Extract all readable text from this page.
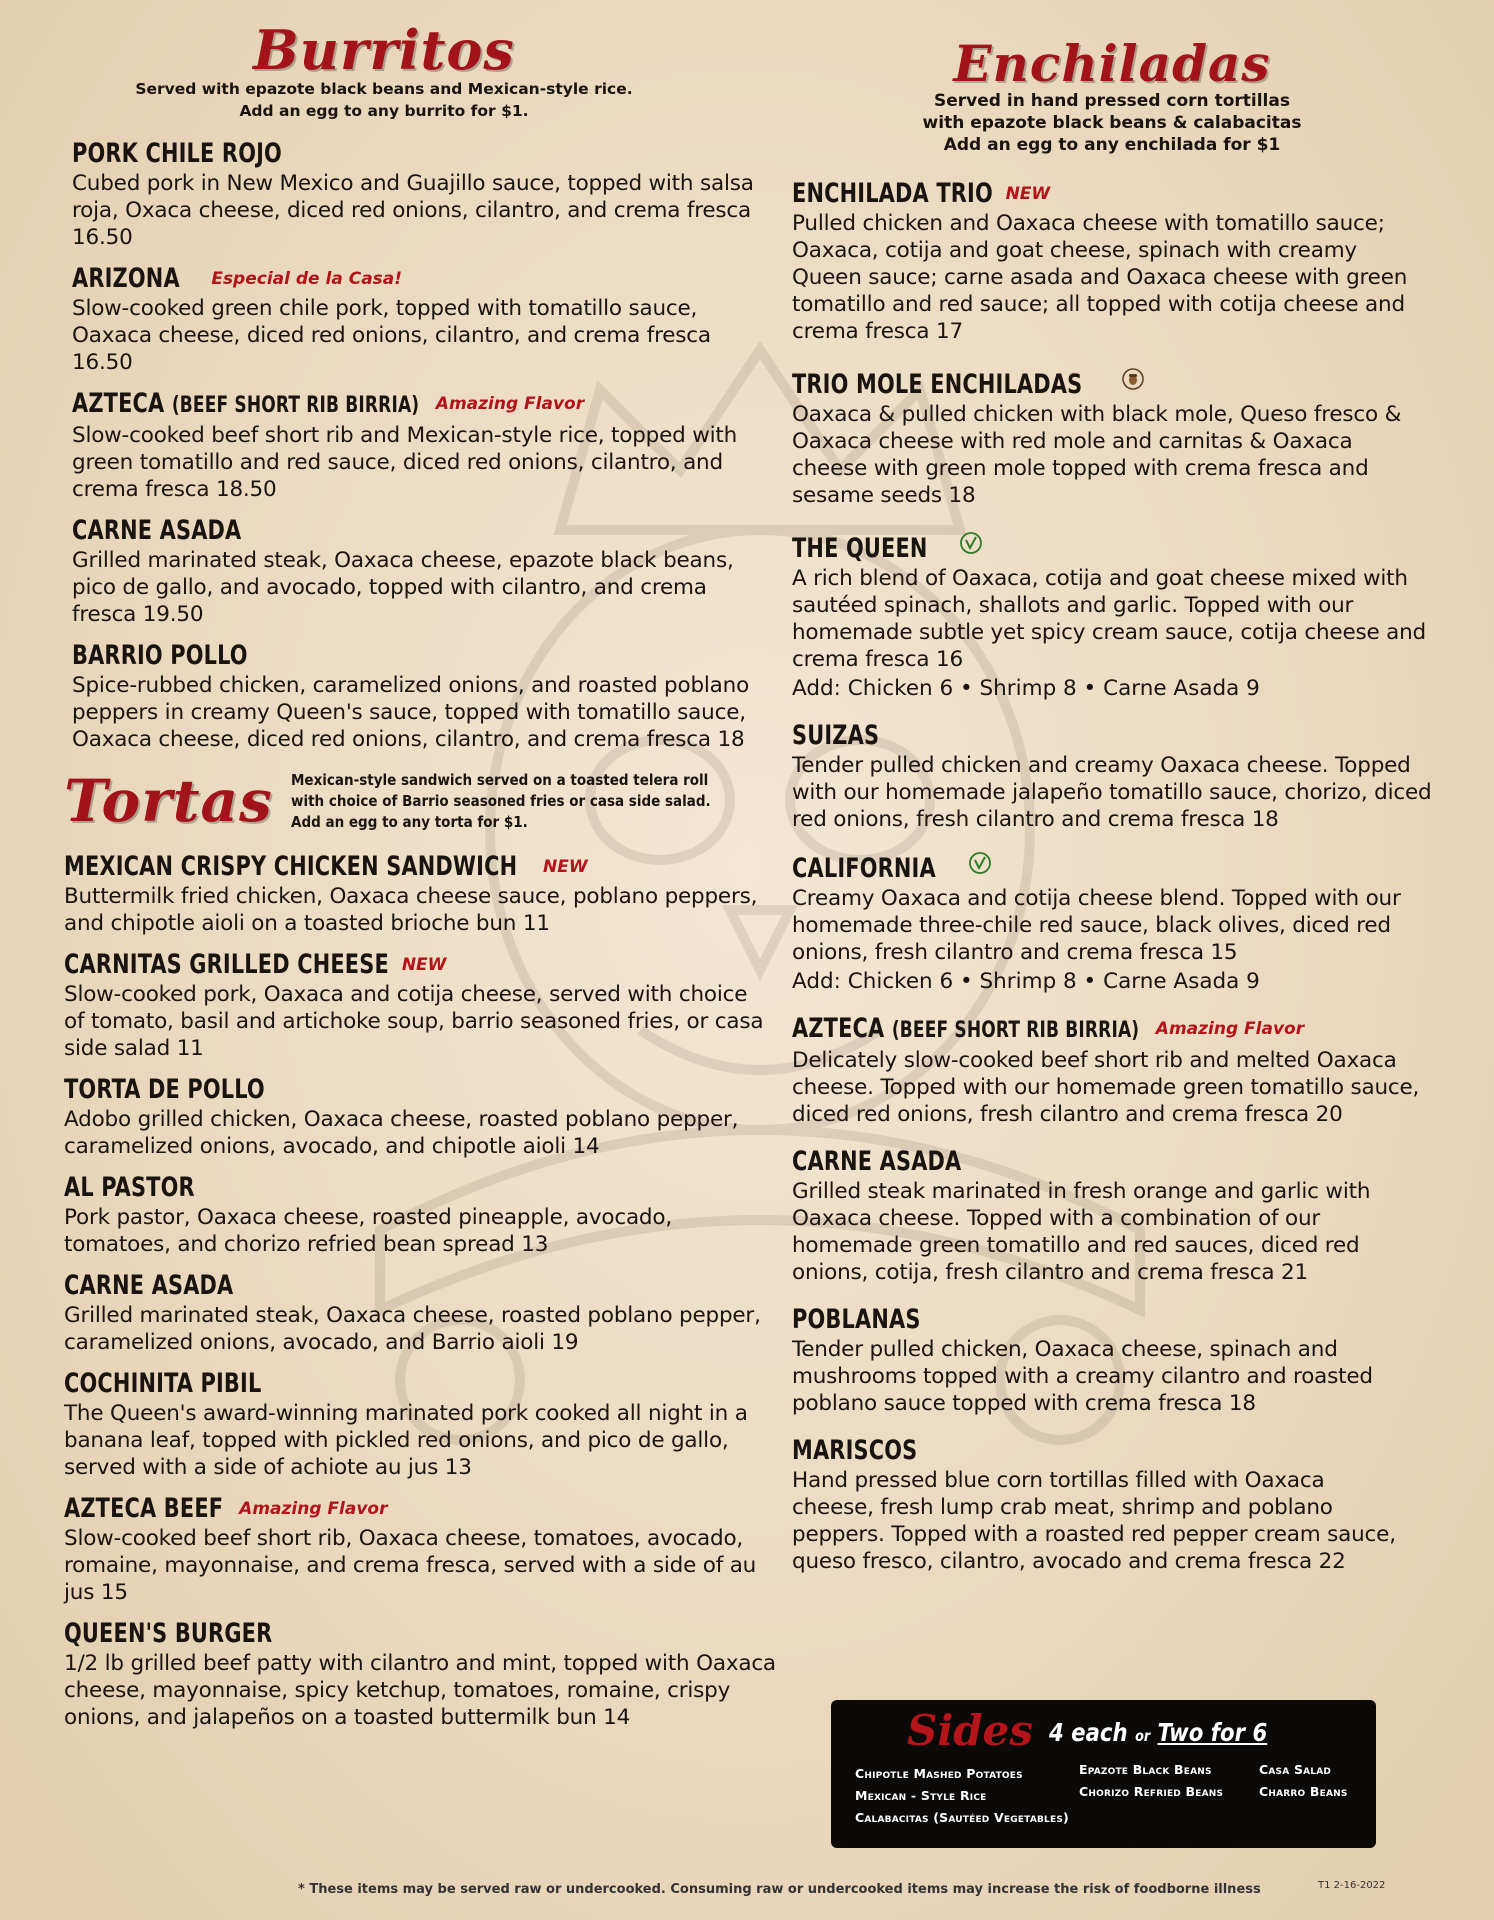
Burritos

Served with epazote black beans and Mexican-style rice.

Add an egg to any burrito for $1.

PORK CHILE ROJO

Cubed pork in New Mexico and Guajillo sauce, topped with salsa roja, Oxaca cheese, diced red onions, cilantro, and crema fresca 16.50

ARIZONA Especial de la Casa!

Slow-cooked green chile pork, topped with tomatillo sauce, Oaxaca cheese, diced red onions, cilantro, and crema fresca 16.50

AZTECA (BEEF SHORT RIB BIRRIA) Amazing Flavor

Slow-cooked beef short rib and Mexican-style rice, topped with green tomatillo and red sauce, diced red onions, cilantro, and crema fresca 18.50

CARNE ASADA

Grilled marinated steak, Oaxaca cheese, epazote black beans, pico de gallo, and avocado, topped with cilantro, and crema fresca 19.50

BARRIO POLLO

Spice-rubbed chicken, caramelized onions, and roasted poblano peppers in creamy Queen's sauce, topped with tomatillo sauce, Oaxaca cheese, diced red onions, cilantro, and crema fresca 18

Tortas Mexican-style sandwich served on a toasted telera roll with choice of Barrio seasoned fries or casa side salad. Add an egg to any torta for $1.
MEXICAN CRISPY CHICKEN SANDWICH NEW

Buttermilk fried chicken, Oaxaca cheese sauce, poblano peppers, and chipotle aioli on a toasted brioche bun 11

CARNITAS GRILLED CHEESE NEW

Slow-cooked pork, Oaxaca and cotija cheese, served with choice of tomato, basil and artichoke soup, barrio seasoned fries, or casa side salad 11

TORTA DE POLLO

Adobo grilled chicken, Oaxaca cheese, roasted poblano pepper, caramelized onions, avocado, and chipotle aioli 14

AL PASTOR

Pork pastor, Oaxaca cheese, roasted pineapple, avocado, tomatoes, and chorizo refried bean spread 13

CARNE ASADA

Grilled marinated steak, Oaxaca cheese, roasted poblano pepper, caramelized onions, avocado, and Barrio aioli 19

COCHINITA PIBIL

The Queen's award-winning marinated pork cooked all night in a banana leaf, topped with pickled red onions, and pico de gallo, served with a side of achiote au jus 13

AZTECA BEEF Amazing Flavor

Slow-cooked beef short rib, Oaxaca cheese, tomatoes, avocado, romaine, mayonnaise, and crema fresca, served with a side of au jus 15

QUEEN'S BURGER

1/2 lb grilled beef patty with cilantro and mint, topped with Oaxaca cheese, mayonnaise, spicy ketchup, tomatoes, romaine, crispy onions, and jalapeños on a toasted buttermilk bun 14

Enchiladas

Served in hand pressed corn tortillas

with epazote black beans & calabacitas

Add an egg to any enchilada for $1

ENCHILADA TRIO NEW

Pulled chicken and Oaxaca cheese with tomatillo sauce; Oaxaca, cotija and goat cheese, spinach with creamy Queen sauce; carne asada and Oaxaca cheese with green tomatillo and red sauce; all topped with cotija cheese and crema fresca 17

TRIO MOLE ENCHILADAS

Oaxaca & pulled chicken with black mole, Queso fresco & Oaxaca cheese with red mole and carnitas & Oaxaca cheese with green mole topped with crema fresca and sesame seeds 18

THE QUEEN

A rich blend of Oaxaca, cotija and goat cheese mixed with sautéed spinach, shallots and garlic. Topped with our homemade subtle yet spicy cream sauce, cotija cheese and crema fresca 16

Add: Chicken 6 • Shrimp 8 • Carne Asada 9

SUIZAS

Tender pulled chicken and creamy Oaxaca cheese. Topped with our homemade jalapeño tomatillo sauce, chorizo, diced red onions, fresh cilantro and crema fresca 18

CALIFORNIA

Creamy Oaxaca and cotija cheese blend. Topped with our homemade three-chile red sauce, black olives, diced red onions, fresh cilantro and crema fresca 15

Add: Chicken 6 • Shrimp 8 • Carne Asada 9

AZTECA (BEEF SHORT RIB BIRRIA) Amazing Flavor

Delicately slow-cooked beef short rib and melted Oaxaca cheese. Topped with our homemade green tomatillo sauce, diced red onions, fresh cilantro and crema fresca 20

CARNE ASADA

Grilled steak marinated in fresh orange and garlic with Oaxaca cheese. Topped with a combination of our homemade green tomatillo and red sauces, diced red onions, cotija, fresh cilantro and crema fresca 21

POBLANAS

Tender pulled chicken, Oaxaca cheese, spinach and mushrooms topped with a creamy cilantro and roasted poblano sauce topped with crema fresca 18

MARISCOS

Hand pressed blue corn tortillas filled with Oaxaca cheese, fresh lump crab meat, shrimp and poblano peppers. Topped with a roasted red pepper cream sauce, queso fresco, cilantro, avocado and crema fresca 22

Sides 4 each or Two for 6
Chipotle Mashed Potatoes
Mexican - Style Rice
Calabacitas (Sautéed Vegetables)
Epazote Black Beans
Chorizo Refried Beans
Casa Salad
Charro Beans
* These items may be served raw or undercooked. Consuming raw or undercooked items may increase the risk of foodborne illness	T1 2-16-2022
